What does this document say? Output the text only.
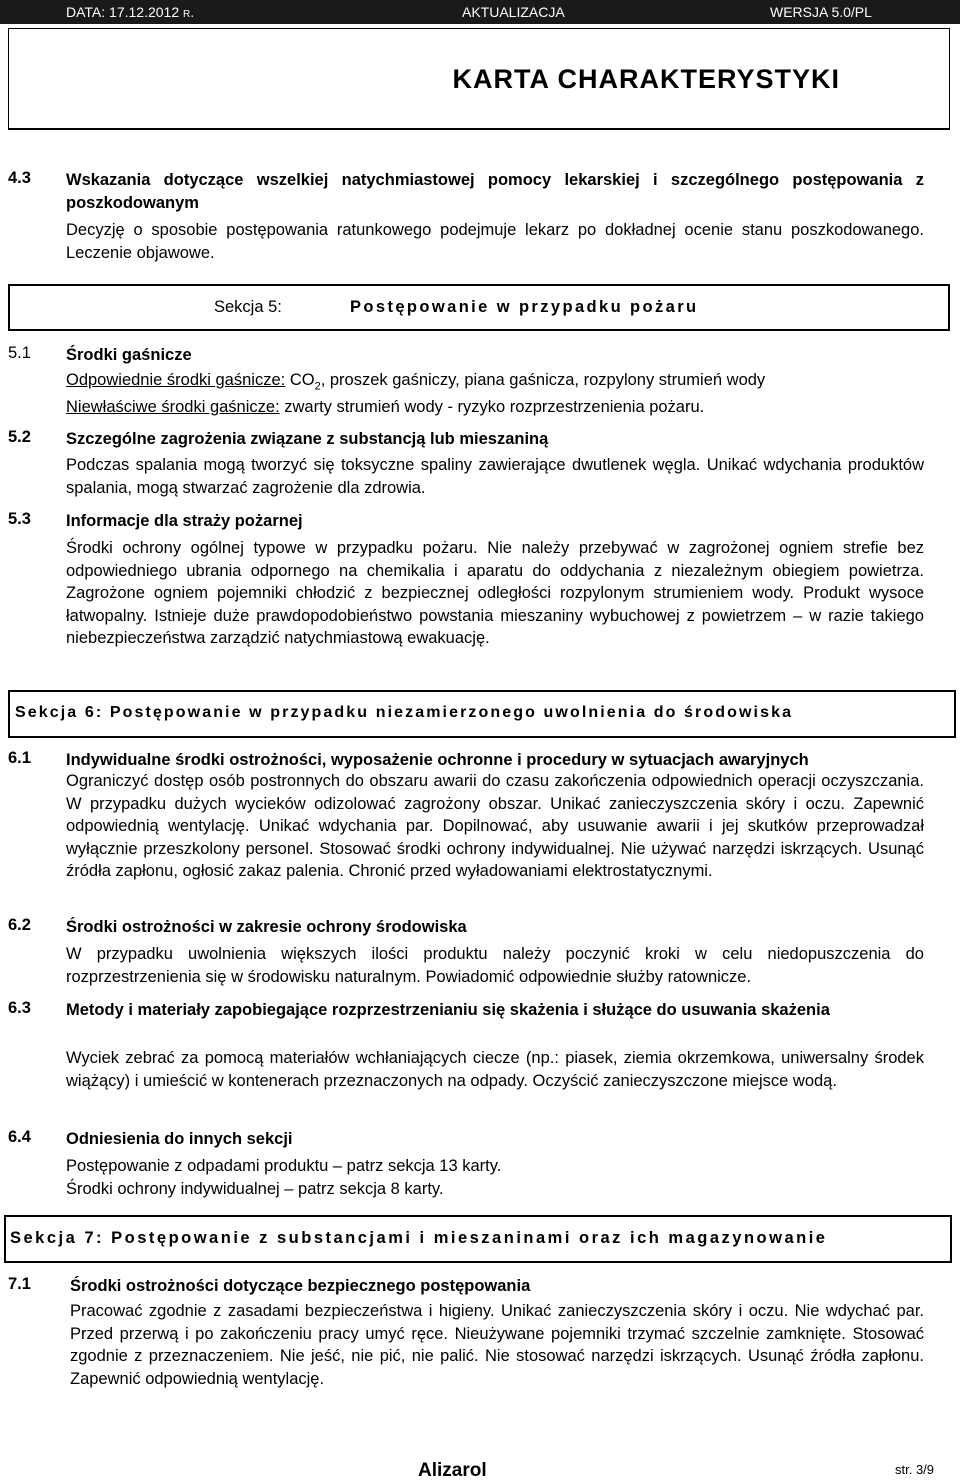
DATA: 17.12.2012 r.	AKTUALIZACJA	WERSJA 5.0/PL
KARTA CHARAKTERYSTYKI
4.3 Wskazania dotyczące wszelkiej natychmiastowej pomocy lekarskiej i szczególnego postępowania z poszkodowanym
Decyzję o sposobie postępowania ratunkowego podejmuje lekarz po dokładnej ocenie stanu poszkodowanego. Leczenie objawowe.
Sekcja 5:	Postępowanie w przypadku pożaru
5.1 Środki gaśnicze
Odpowiednie środki gaśnicze: $CO_2$, proszek gaśniczy, piana gaśnicza, rozpylony strumień wody
Niewłaściwe środki gaśnicze: zwarty strumień wody - ryzyko rozprzestrzenienia pożaru.
5.2 Szczególne zagrożenia związane z substancją lub mieszaniną
Podczas spalania mogą tworzyć się toksyczne spaliny zawierające dwutlenek węgla. Unikać wdychania produktów spalania, mogą stwarzać zagrożenie dla zdrowia.
5.3 Informacje dla straży pożarnej
Środki ochrony ogólnej typowe w przypadku pożaru. Nie należy przebywać w zagrożonej ogniem strefie bez odpowiedniego ubrania odpornego na chemikalia i aparatu do oddychania z niezależnym obiegiem powietrza. Zagrożone ogniem pojemniki chłodzić z bezpiecznej odległości rozpylonym strumieniem wody. Produkt wysoce łatwopalny. Istnieje duże prawdopodobieństwo powstania mieszaniny wybuchowej z powietrzem – w razie takiego niebezpieczeństwa zarządzić natychmiastową ewakuację.
Sekcja 6: Postępowanie w przypadku niezamierzonego uwolnienia do środowiska
6.1 Indywidualne środki ostrożności, wyposażenie ochronne i procedury w sytuacjach awaryjnych
Ograniczyć dostęp osób postronnych do obszaru awarii do czasu zakończenia odpowiednich operacji oczyszczania. W przypadku dużych wycieków odizolować zagrożony obszar. Unikać zanieczyszczenia skóry i oczu. Zapewnić odpowiednią wentylację. Unikać wdychania par. Dopilnować, aby usuwanie awarii i jej skutków przeprowadzał wyłącznie przeszkolony personel. Stosować środki ochrony indywidualnej. Nie używać narzędzi iskrzących. Usunąć źródła zapłonu, ogłosić zakaz palenia. Chronić przed wyładowaniami elektrostatycznymi.
6.2 Środki ostrożności w zakresie ochrony środowiska
W przypadku uwolnienia większych ilości produktu należy poczynić kroki w celu niedopuszczenia do rozprzestrzenienia się w środowisku naturalnym. Powiadomić odpowiednie służby ratownicze.
6.3 Metody i materiały zapobiegające rozprzestrzenianiu się skażenia i służące do usuwania skażenia
Wyciek zebrać za pomocą materiałów wchłaniających ciecze (np.: piasek, ziemia okrzemkowa, uniwersalny środek wiążący) i umieścić w kontenerach przeznaczonych na odpady. Oczyścić zanieczyszczone miejsce wodą.
6.4 Odniesienia do innych sekcji
Postępowanie z odpadami produktu – patrz sekcja 13 karty.
Środki ochrony indywidualnej – patrz sekcja 8 karty.
Sekcja 7: Postępowanie z substancjami i mieszaninami oraz ich magazynowanie
7.1 Środki ostrożności dotyczące bezpiecznego postępowania
Pracować zgodnie z zasadami bezpieczeństwa i higieny. Unikać zanieczyszczenia skóry i oczu. Nie wdychać par. Przed przerwą i po zakończeniu pracy umyć ręce. Nieużywane pojemniki trzymać szczelnie zamknięte. Stosować zgodnie z przeznaczeniem. Nie jeść, nie pić, nie palić. Nie stosować narzędzi iskrzących. Usunąć źródła zapłonu. Zapewnić odpowiednią wentylację.
Alizarol	str. 3/9
